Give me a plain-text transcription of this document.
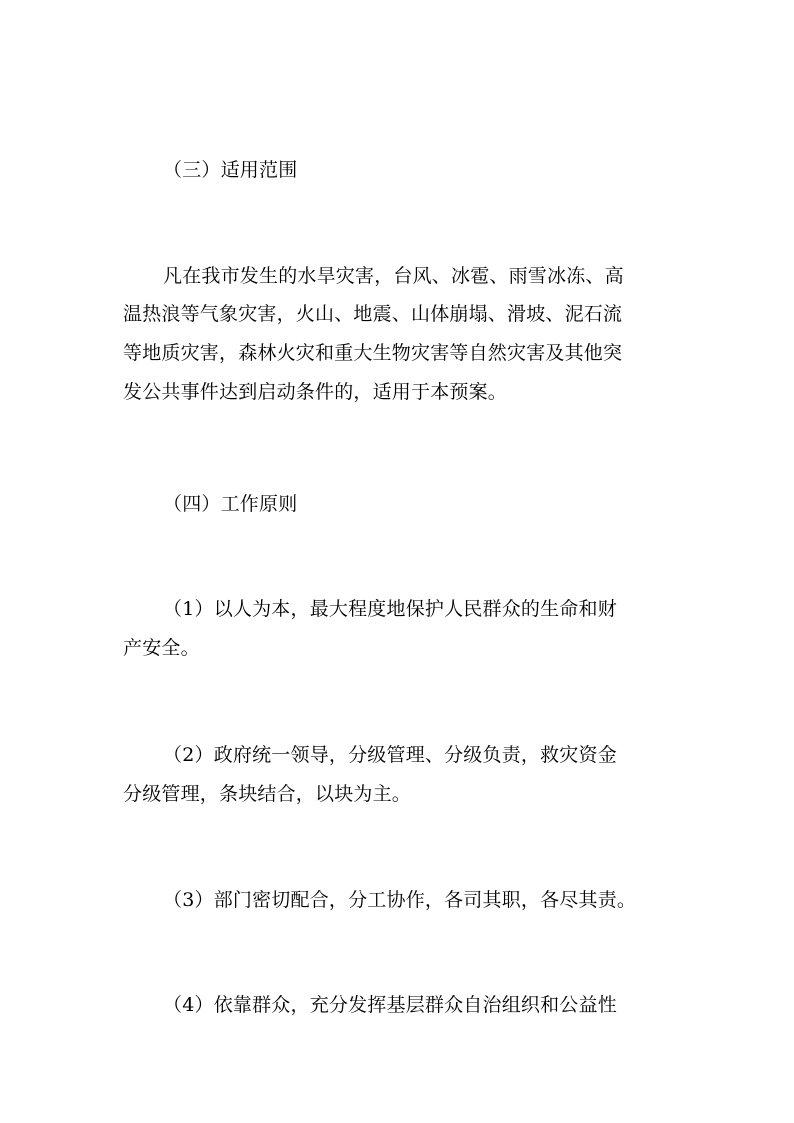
（三）适用范围
凡在我市发生的水旱灾害，台风、冰雹、雨雪冰冻、高
温热浪等气象灾害，火山、地震、山体崩塌、滑坡、泥石流
等地质灾害，森林火灾和重大生物灾害等自然灾害及其他突
发公共事件达到启动条件的，适用于本预案。
（四）工作原则
（1）以人为本，最大程度地保护人民群众的生命和财
产安全。
（2）政府统一领导，分级管理、分级负责，救灾资金
分级管理，条块结合，以块为主。
（3）部门密切配合，分工协作，各司其职，各尽其责。
（4）依靠群众，充分发挥基层群众自治组织和公益性
